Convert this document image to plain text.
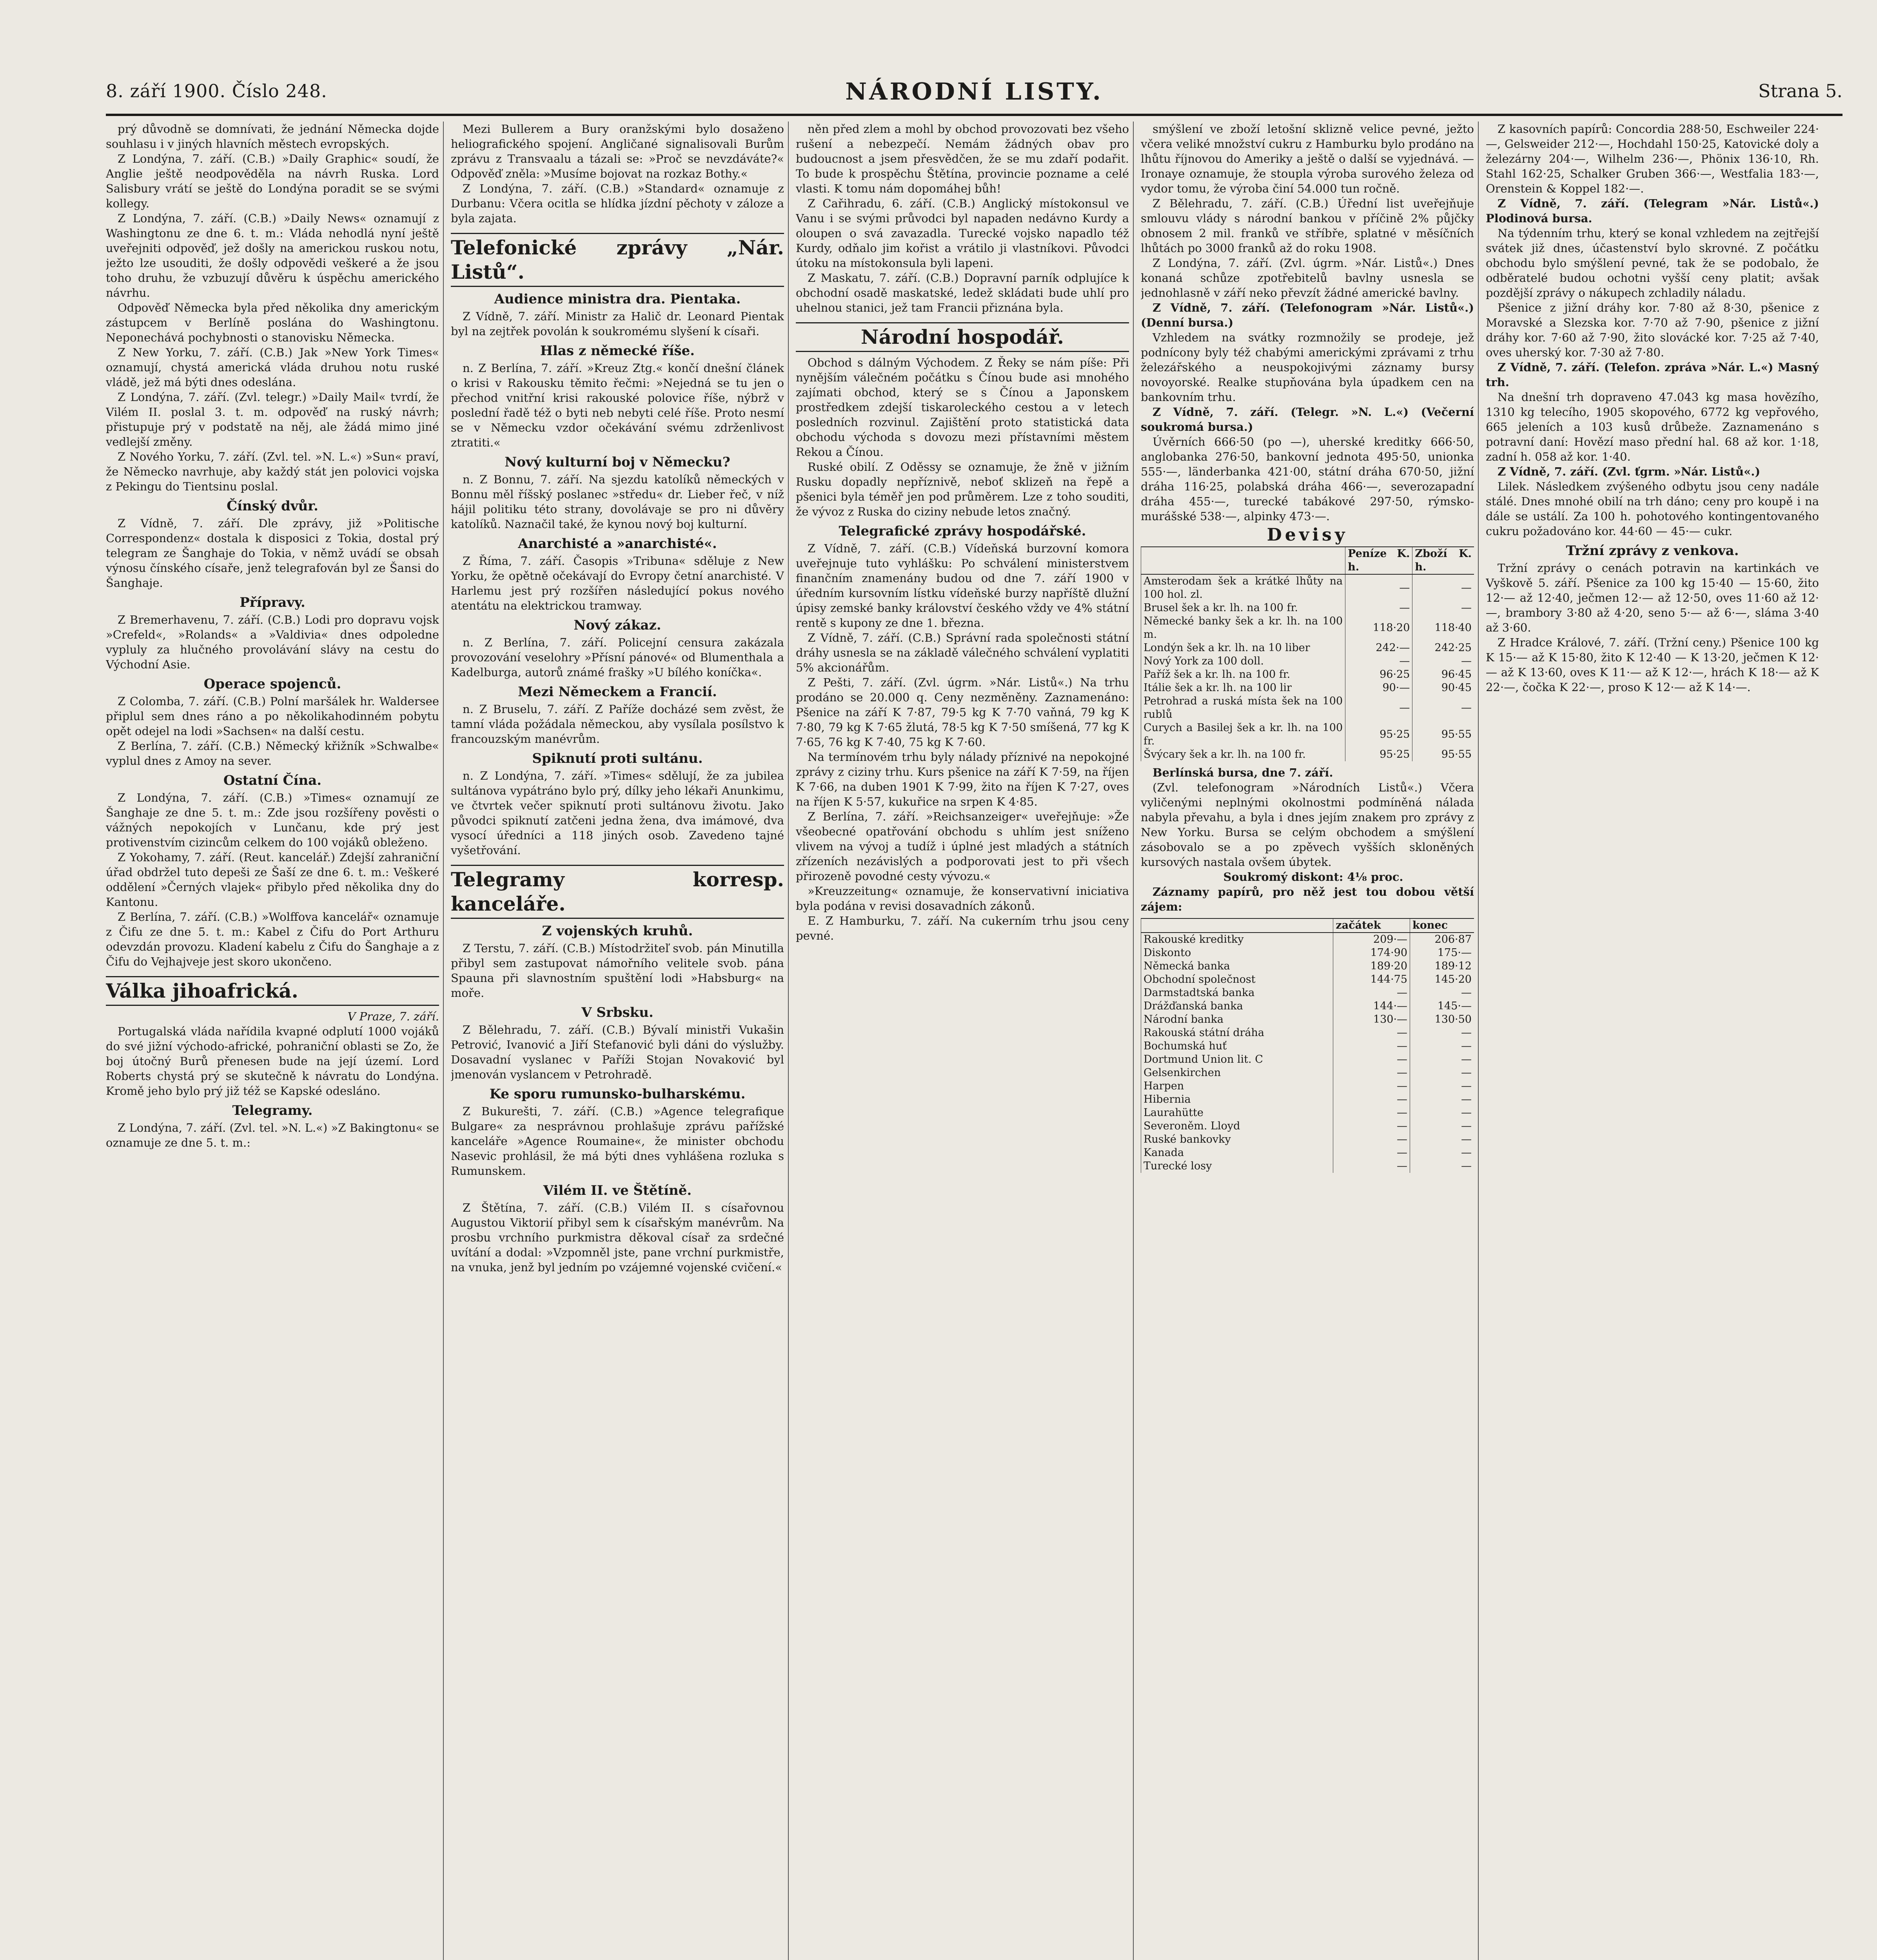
8. září 1900. Číslo 248.	NÁRODNÍ LISTY.	Strana 5.

prý důvodně se domnívati, že jednání Německa dojde souhlasu i v jiných hlavních městech evropských.

Z Londýna, 7. září. (C.B.) »Daily Graphic« soudí, že Anglie ještě neodpověděla na návrh Ruska. Lord Salisbury vrátí se ještě do Londýna poradit se se svými kollegy.

Z Londýna, 7. září. (C.B.) »Daily News« oznamují z Washingtonu ze dne 6. t. m.: Vláda nehodlá nyní ještě uveřejniti odpověď, jež došly na americkou ruskou notu, ježto lze usouditi, že došly odpovědi veškeré a že jsou toho druhu, že vzbuzují důvěru k úspěchu amerického návrhu.

Odpověď Německa byla před několika dny americkým zástupcem v Berlíně poslána do Washingtonu. Neponechává pochybnosti o stanovisku Německa.

Z New Yorku, 7. září. (C.B.) Jak »New York Times« oznamují, chystá americká vláda druhou notu ruské vládě, jež má býti dnes odeslána.

Z Londýna, 7. září. (Zvl. telegr.) »Daily Mail« tvrdí, že Vilém II. poslal 3. t. m. odpověď na ruský návrh; přistupuje prý v podstatě na něj, ale žádá mimo jiné vedlejší změny.

Z Nového Yorku, 7. září. (Zvl. tel. »N. L.«) »Sun« praví, že Německo navrhuje, aby každý stát jen polovici vojska z Pekingu do Tientsinu poslal.

Čínský dvůr.

Z Vídně, 7. září. Dle zprávy, již »Politische Correspondenz« dostala k disposici z Tokia, dostal prý telegram ze Šanghaje do Tokia, v němž uvádí se obsah výnosu čínského císaře, jenž telegrafován byl ze Šansi do Šanghaje.

Přípravy.

Z Bremerhavenu, 7. září. (C.B.) Lodi pro dopravu vojsk »Crefeld«, »Rolands« a »Valdivia« dnes odpoledne vypluly za hlučného provolávání slávy na cestu do Východní Asie.

Operace spojenců.

Z Colomba, 7. září. (C.B.) Polní maršálek hr. Waldersee připlul sem dnes ráno a po několikahodinném pobytu opět odejel na lodi »Sachsen« na další cestu.

Z Berlína, 7. září. (C.B.) Německý křižník »Schwalbe« vyplul dnes z Amoy na sever.

Ostatní Čína.

Z Londýna, 7. září. (C.B.) »Times« oznamují ze Šanghaje ze dne 5. t. m.: Zde jsou rozšířeny pověsti o vážných nepokojích v Lunčanu, kde prý jest protivenstvím cizincům celkem do 100 vojáků obleženo.

Z Yokohamy, 7. září. (Reut. kancelář.) Zdejší zahraniční úřad obdržel tuto depeši ze Šaší ze dne 6. t. m.: Veškeré oddělení »Černých vlajek« přibylo před několika dny do Kantonu.

Z Berlína, 7. září. (C.B.) »Wolffova kancelář« oznamuje z Čifu ze dne 5. t. m.: Kabel z Čifu do Port Arthuru odevzdán provozu. Kladení kabelu z Čifu do Šanghaje a z Čifu do Vejhajveje jest skoro ukončeno.

Válka jihoafrická.
V Praze, 7. září.

Portugalská vláda nařídila kvapné odplutí 1000 vojáků do své jižní východo-africké, pohraniční oblasti se Zo, že boj útočný Burů přenesen bude na její území. Lord Roberts chystá prý se skutečně k návratu do Londýna. Kromě jeho bylo prý již též se Kapské odesláno.

Telegramy.

Z Londýna, 7. září. (Zvl. tel. »N. L.«) »Z Bakingtonu« se oznamuje ze dne 5. t. m.:

Mezi Bullerem a Bury oranžskými bylo dosaženo heliografického spojení. Angličané signalisovali Burům zprávu z Transvaalu a tázali se: »Proč se nevzdáváte?« Odpověď zněla: »Musíme bojovat na rozkaz Bothy.«

Z Londýna, 7. září. (C.B.) »Standard« oznamuje z Durbanu: Včera ocitla se hlídka jízdní pěchoty v záloze a byla zajata.

Telefonické zprávy „Nár. Listů“.
Audience ministra dra. Pientaka.

Z Vídně, 7. září. Ministr za Halič dr. Leonard Pientak byl na zejtřek povolán k soukromému slyšení k císaři.

Hlas z německé říše.

n. Z Berlína, 7. září. »Kreuz Ztg.« končí dnešní článek o krisi v Rakousku těmito řečmi: »Nejedná se tu jen o přechod vnitřní krisi rakouské polovice říše, nýbrž v poslední řadě též o byti neb nebyti celé říše. Proto nesmí se v Německu vzdor očekávání svému zdrženlivost ztratiti.«

Nový kulturní boj v Německu?

n. Z Bonnu, 7. září. Na sjezdu katolíků německých v Bonnu měl říšský poslanec »středu« dr. Lieber řeč, v níž hájil politiku této strany, dovolávaje se pro ni důvěry katolíků. Naznačil také, že kynou nový boj kulturní.

Anarchisté a »anarchisté«.

Z Říma, 7. září. Časopis »Tribuna« sděluje z New Yorku, že opětně očekávají do Evropy četní anarchisté. V Harlemu jest prý rozšířen následující pokus nového atentátu na elektrickou tramway.

Nový zákaz.

n. Z Berlína, 7. září. Policejní censura zakázala provozování veselohry »Přísní pánové« od Blumenthala a Kadelburga, autorů známé frašky »U bílého koníčka«.

Mezi Německem a Francií.

n. Z Bruselu, 7. září. Z Paříže docházé sem zvěst, že tamní vláda požádala německou, aby vysílala posílstvo k francouzským manévrům.

Spiknutí proti sultánu.

n. Z Londýna, 7. září. »Times« sdělují, že za jubilea sultánova vypátráno bylo prý, dílky jeho lékaři Anunkimu, ve čtvrtek večer spiknutí proti sultánovu životu. Jako původci spiknutí zatčeni jedna žena, dva imámové, dva vysocí úředníci a 118 jiných osob. Zavedeno tajné vyšetřování.

Telegramy korresp. kanceláře.
Z vojenských kruhů.

Z Terstu, 7. září. (C.B.) Místodržiteľ svob. pán Minutilla přibyl sem zastupovat námořního velitele svob. pána Spauna při slavnostním spuštění lodi »Habsburg« na moře.

V Srbsku.

Z Bělehradu, 7. září. (C.B.) Bývalí ministři Vukašin Petrović, Ivanović a Jiří Stefanović byli dáni do výslužby. Dosavadní vyslanec v Paříži Stojan Novaković byl jmenován vyslancem v Petrohradě.

Ke sporu rumunsko-bulharskému.

Z Bukurešti, 7. září. (C.B.) »Agence telegrafique Bulgare« za nesprávnou prohlašuje zprávu pařížské kanceláře »Agence Roumaine«, že minister obchodu Nasevic prohlásil, že má býti dnes vyhlášena rozluka s Rumunskem.

Vilém II. ve Štětíně.

Z Štětína, 7. září. (C.B.) Vilém II. s císařovnou Augustou Viktorií přibyl sem k císařským manévrům. Na prosbu vrchního purkmistra děkoval císař za srdečné uvítání a dodal: »Vzpomněl jste, pane vrchní purkmistře, na vnuka, jenž byl jedním po vzájemné vojenské cvičení.«

něn před zlem a mohl by obchod provozovati bez všeho rušení a nebezpečí. Nemám žádných obav pro budoucnost a jsem přesvědčen, že se mu zdaří podařit. To bude k prospěchu Štětína, provincie pozname a celé vlasti. K tomu nám dopomáhej bůh!

Z Cařihradu, 6. září. (C.B.) Anglický místokonsul ve Vanu i se svými průvodci byl napaden nedávno Kurdy a oloupen o svá zavazadla. Turecké vojsko napadlo též Kurdy, odňalo jim kořist a vrátilo ji vlastníkovi. Původci útoku na místokonsula byli lapeni.

Z Maskatu, 7. září. (C.B.) Dopravní parník odplujíce k obchodní osadě maskatské, ledež skládati bude uhlí pro uhelnou stanici, jež tam Francii přiznána byla.

Národní hospodář.

Obchod s dálným Východem. Z Řeky se nám píše: Při nynějším válečném počátku s Čínou bude asi mnohého zajímati obchod, který se s Čínou a Japonskem prostředkem zdejší tiskaroleckého cestou a v letech posledních rozvinul. Zajištění proto statistická data obchodu východa s dovozu mezi přístavními městem Rekou a Čínou.

Ruské obilí. Z Oděssy se oznamuje, že žně v jižním Rusku dopadly nepříznivě, neboť sklizeň na řepě a pšenici byla téměř jen pod průměrem. Lze z toho souditi, že vývoz z Ruska do ciziny nebude letos značný.

Telegrafické zprávy hospodářské.

Z Vídně, 7. září. (C.B.) Vídeňská burzovní komora uveřejnuje tuto vyhlášku: Po schválení ministerstvem finančním znamenány budou od dne 7. září 1900 v úředním kursovním lístku vídeňské burzy napříště dlužní úpisy zemské banky království českého vždy ve 4% státní rentě s kupony ze dne 1. března.

Z Vídně, 7. září. (C.B.) Správní rada společnosti státní dráhy usnesla se na základě válečného schválení vyplatiti 5% akcionářům.

Z Pešti, 7. září. (Zvl. úgrm. »Nár. Listů«.) Na trhu prodáno se 20.000 q. Ceny nezměněny. Zaznamenáno: Pšenice na září K 7·87, 79·5 kg K 7·70 vaňná, 79 kg K 7·80, 79 kg K 7·65 žlutá, 78·5 kg K 7·50 smíšená, 77 kg K 7·65, 76 kg K 7·40, 75 kg K 7·60.

Na termínovém trhu byly nálady příznivé na nepokojné zprávy z ciziny trhu. Kurs pšenice na září K 7·59, na říjen K 7·66, na duben 1901 K 7·99, žito na říjen K 7·27, oves na říjen K 5·57, kukuřice na srpen K 4·85.

Z Berlína, 7. září. »Reichsanzeiger« uveřejňuje: »Že všeobecné opatřování obchodu s uhlím jest sníženo vlivem na vývoj a tudíž i úplné jest mladých a státních zřízeních nezávislých a podporovati jest to při všech přirozeně povodné cesty vývozu.«

»Kreuzzeitung« oznamuje, že konservativní iniciativa byla podána v revisi dosavadních zákonů.

E. Z Hamburku, 7. září. Na cukerním trhu jsou ceny pevné.

smýšlení ve zboží letošní sklizně velice pevné, ježto včera veliké množství cukru z Hamburku bylo prodáno na lhůtu říjnovou do Ameriky a ještě o další se vyjednává. — Ironaye oznamuje, že stoupla výroba surového železa od vydor tomu, že výroba činí 54.000 tun ročně.

Z Bělehradu, 7. září. (C.B.) Úřední list uveřejňuje smlouvu vlády s národní bankou v příčině 2% půjčky obnosem 2 mil. franků ve stříbře, splatné v měsíčních lhůtách po 3000 franků až do roku 1908.

Z Londýna, 7. září. (Zvl. úgrm. »Nár. Listů«.) Dnes konaná schůze zpotřebitelů bavlny usnesla se jednohlasně v září neko převzít žádné americké bavlny.

Z Vídně, 7. září. (Telefonogram »Nár. Listů«.) (Denní bursa.)

Vzhledem na svátky rozmnožily se prodeje, jež podnícony byly též chabými americkými zprávami z trhu železářského a neuspokojivými záznamy bursy novoyorské. Realke stupňována byla úpadkem cen na bankovním trhu.

Z Vídně, 7. září. (Telegr. »N. L.«) (Večerní soukromá bursa.)

Úvěrních 666·50 (po —), uherské kreditky 666·50, anglobanka 276·50, bankovní jednota 495·50, unionka 555·—, länderbanka 421·00, státní dráha 670·50, jižní dráha 116·25, polabská dráha 466·—, severozapadní dráha 455·—, turecké tabákové 297·50, rýmsko-murášské 538·—, alpinky 473·—.

Devisy
	Peníze K. h.	Zboží K. h.
Amsterodam šek a krátké lhůty na 100 hol. zl.	—	—
Brusel šek a kr. lh. na 100 fr.	—	—
Německé banky šek a kr. lh. na 100 m.	118·20	118·40
Londýn šek a kr. lh. na 10 liber	242·—	242·25
Nový York za 100 doll.	—	—
Paříž šek a kr. lh. na 100 fr.	96·25	96·45
Itálie šek a kr. lh. na 100 lir	90·—	90·45
Petrohrad a ruská místa šek na 100 rublů	—	—
Curych a Basilej šek a kr. lh. na 100 fr.	95·25	95·55
Švýcary šek a kr. lh. na 100 fr.	95·25	95·55

Berlínská bursa, dne 7. září.

(Zvl. telefonogram »Národních Listů«.) Včera vyličenými neplnými okolnostmi podmíněná nálada nabyla převahu, a byla i dnes jejím znakem pro zprávy z New Yorku. Bursa se celým obchodem a smýšlení zásobovalo se a po zpěvech vyšších skloněných kursových nastala ovšem úbytek.

Soukromý diskont: 4⅛ proc.

Záznamy papírů, pro něž jest tou dobou větší zájem:

	začátek	konec
Rakouské kreditky	209·—	206·87
Diskonto	174·90	175·—
Německá banka	189·20	189·12
Obchodní společnost	144·75	145·20
Darmstadtská banka	—	—
Drážďanská banka	144·—	145·—
Národní banka	130·—	130·50
Rakouská státní dráha	—	—
Bochumská huť	—	—
Dortmund Union lit. C	—	—
Gelsenkirchen	—	—
Harpen	—	—
Hibernia	—	—
Laurahütte	—	—
Severoněm. Lloyd	—	—
Ruské bankovky	—	—
Kanada	—	—
Turecké losy	—	—

Z kasovních papírů: Concordia 288·50, Eschweiler 224·—, Gelsweider 212·—, Hochdahl 150·25, Katovické doly a železárny 204·—, Wilhelm 236·—, Phönix 136·10, Rh. Stahl 162·25, Schalker Gruben 366·—, Westfalia 183·—, Orenstein & Koppel 182·—.

Z Vídně, 7. září. (Telegram »Nár. Listů«.) Plodinová bursa.

Na týdenním trhu, který se konal vzhledem na zejtřejší svátek již dnes, účastenství bylo skrovné. Z počátku obchodu bylo smýšlení pevné, tak že se podobalo, že odběratelé budou ochotni vyšší ceny platit; avšak pozdější zprávy o nákupech zchladily náladu.

Pšenice z jižní dráhy kor. 7·80 až 8·30, pšenice z Moravské a Slezska kor. 7·70 až 7·90, pšenice z jižní dráhy kor. 7·60 až 7·90, žito slovácké kor. 7·25 až 7·40, oves uherský kor. 7·30 až 7·80.

Z Vídně, 7. září. (Telefon. zpráva »Nár. L.«) Masný trh.

Na dnešní trh dopraveno 47.043 kg masa hovězího, 1310 kg telecího, 1905 skopového, 6772 kg vepřového, 665 jeleních a 103 kusů drůbeže. Zaznamenáno s potravní daní: Hovězí maso přední hal. 68 až kor. 1·18, zadní h. 058 až kor. 1·40.

Z Vídně, 7. září. (Zvl. ťgrm. »Nár. Listů«.)

Lilek. Následkem zvýšeného odbytu jsou ceny nadále stálé. Dnes mnohé obilí na trh dáno; ceny pro koupě i na dále se ustálí. Za 100 h. pohotového kontingentovaného cukru požadováno kor. 44·60 — 45·— cukr.

Tržní zprávy z venkova.

Tržní zprávy o cenách potravin na kartinkách ve Vyškově 5. září. Pšenice za 100 kg 15·40 — 15·60, žito 12·— až 12·40, ječmen 12·— až 12·50, oves 11·60 až 12·—, brambory 3·80 až 4·20, seno 5·— až 6·—, sláma 3·40 až 3·60.

Z Hradce Králové, 7. září. (Tržní ceny.) Pšenice 100 kg K 15·— až K 15·80, žito K 12·40 — K 13·20, ječmen K 12·— až K 13·60, oves K 11·— až K 12·—, hrách K 18·— až K 22·—, čočka K 22·—, proso K 12·— až K 14·—.
